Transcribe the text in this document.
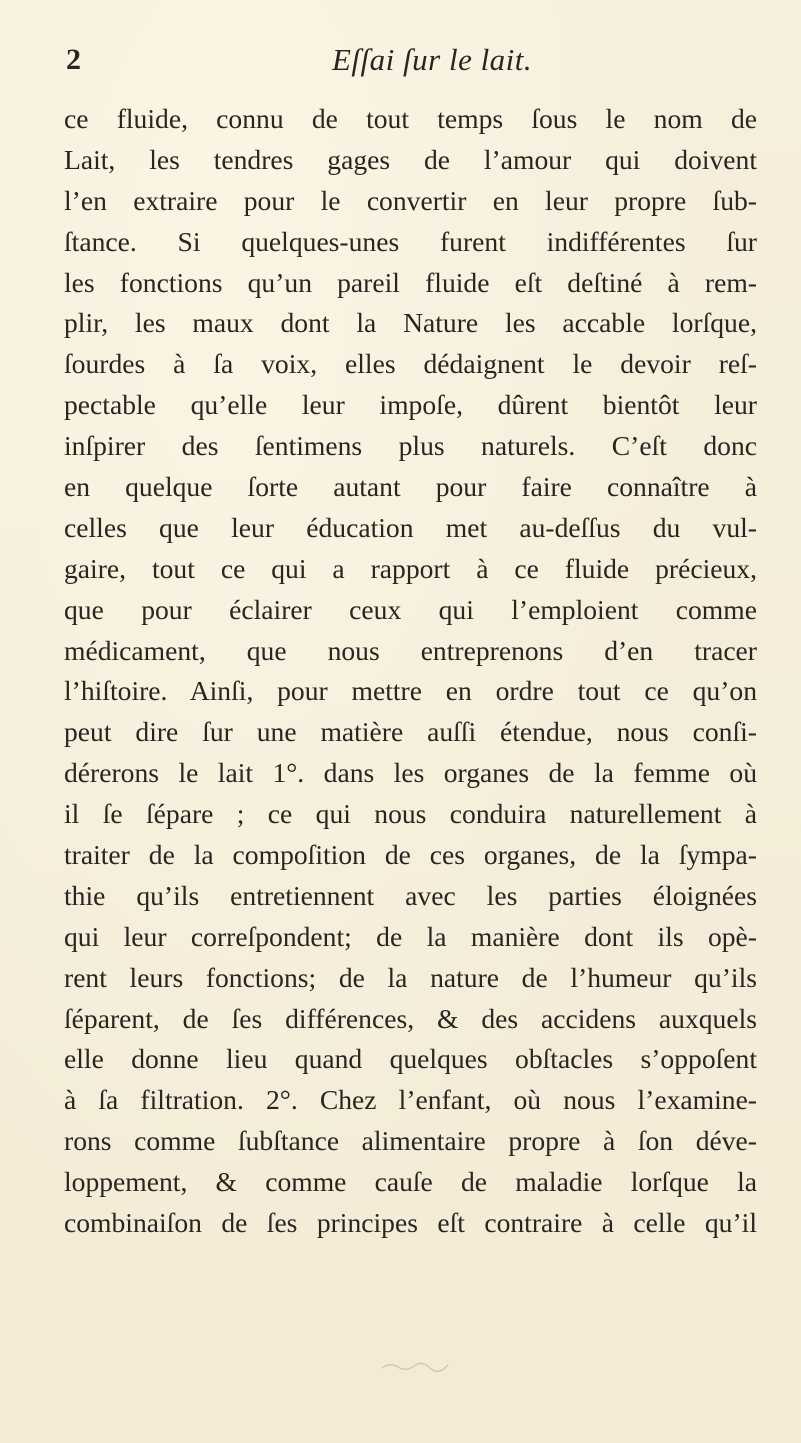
2	Eſſai ſur le lait.
ce fluide, connu de tout temps ſous le nom de
Lait, les tendres gages de l’amour qui doivent
l’en extraire pour le convertir en leur propre ſub-
ſtance. Si quelques-unes furent indifférentes ſur
les fonctions qu’un pareil fluide eſt deſtiné à rem-
plir, les maux dont la Nature les accable lorſque,
ſourdes à ſa voix, elles dédaignent le devoir reſ-
pectable qu’elle leur impoſe, dûrent bientôt leur
inſpirer des ſentimens plus naturels. C’eſt donc
en quelque ſorte autant pour faire connaître à
celles que leur éducation met au-deſſus du vul-
gaire, tout ce qui a rapport à ce fluide précieux,
que pour éclairer ceux qui l’emploient comme
médicament, que nous entreprenons d’en tracer
l’hiſtoire. Ainſi, pour mettre en ordre tout ce qu’on
peut dire ſur une matière auſſi étendue, nous conſi-
dérerons le lait 1°. dans les organes de la femme où
il ſe ſépare ; ce qui nous conduira naturellement à
traiter de la compoſition de ces organes, de la ſympa-
thie qu’ils entretiennent avec les parties éloignées
qui leur correſpondent; de la manière dont ils opè-
rent leurs fonctions; de la nature de l’humeur qu’ils
ſéparent, de ſes différences, & des accidens auxquels
elle donne lieu quand quelques obſtacles s’oppoſent
à ſa filtration. 2°. Chez l’enfant, où nous l’examine-
rons comme ſubſtance alimentaire propre à ſon déve-
loppement, & comme cauſe de maladie lorſque la
combinaiſon de ſes principes eſt contraire à celle qu’il
